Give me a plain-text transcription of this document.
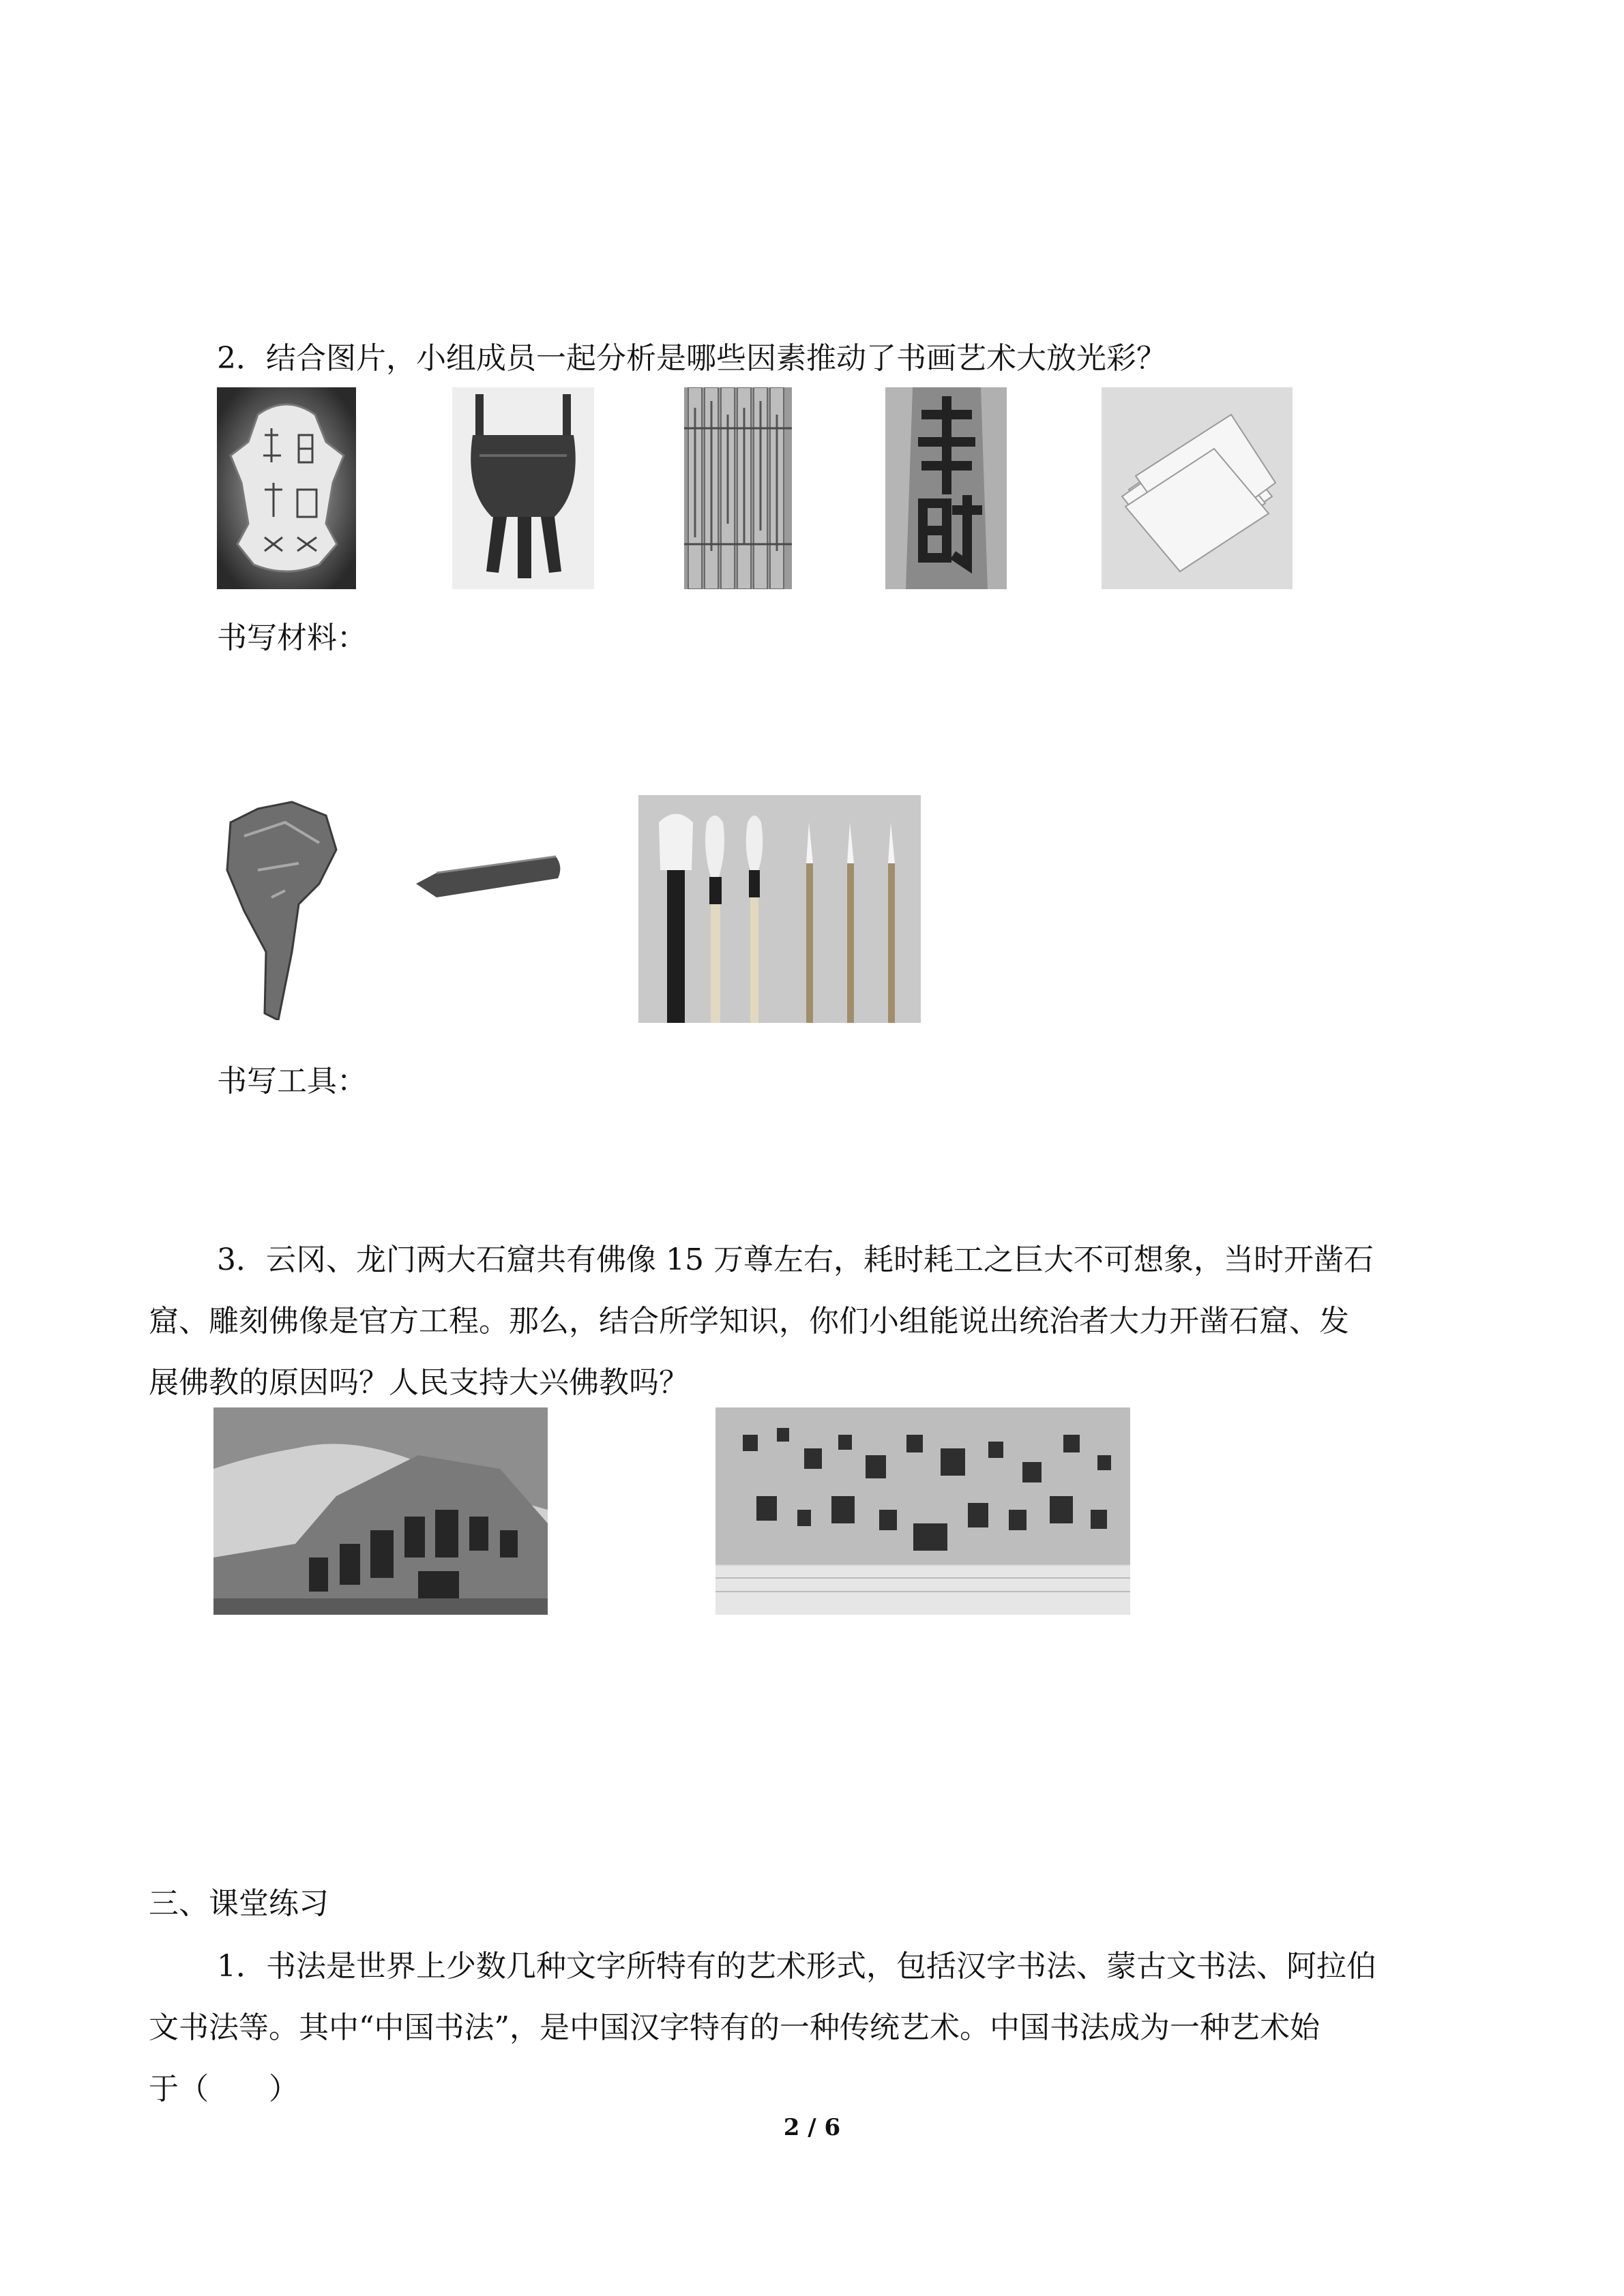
2．结合图片，小组成员一起分析是哪些因素推动了书画艺术大放光彩？

书写材料：

书写工具：

3．云冈、龙门两大石窟共有佛像 15 万尊左右，耗时耗工之巨大不可想象，当时开凿石

窟、雕刻佛像是官方工程。那么，结合所学知识，你们小组能说出统治者大力开凿石窟、发

展佛教的原因吗？人民支持大兴佛教吗？

三、课堂练习

1．书法是世界上少数几种文字所特有的艺术形式，包括汉字书法、蒙古文书法、阿拉伯

文书法等。其中“中国书法”，是中国汉字特有的一种传统艺术。中国书法成为一种艺术始

于（　　）

2 / 6
